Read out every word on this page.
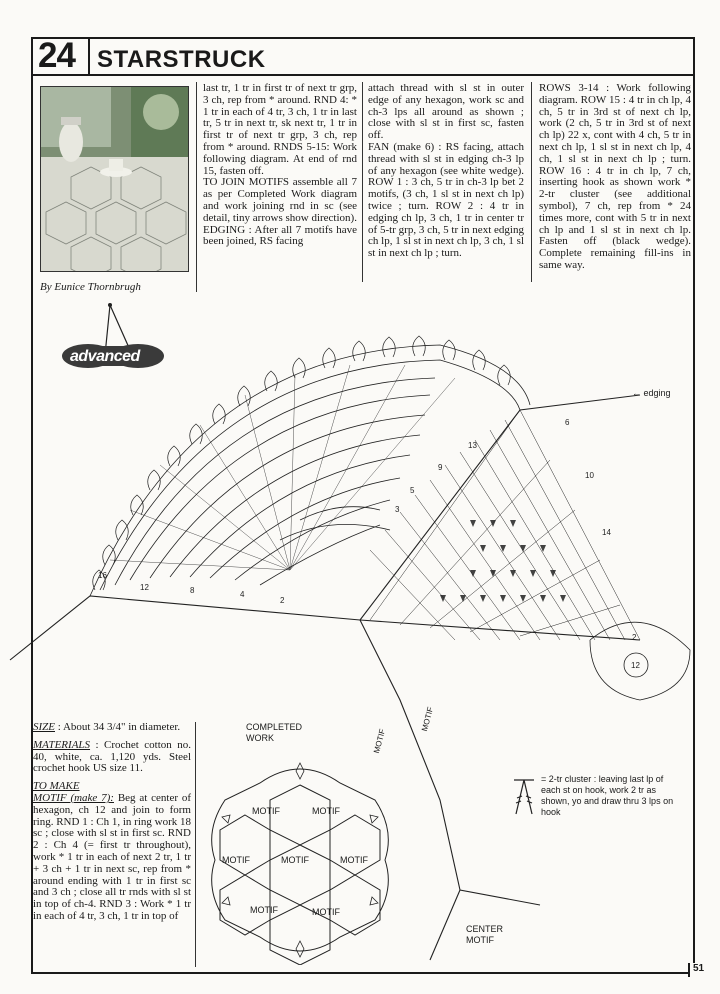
24 STARSTRUCK
By Eunice Thornbrugh

last tr, 1 tr in first tr of next tr grp, 3 ch, rep from * around. RND 4: * 1 tr in each of 4 tr, 3 ch, 1 tr in last tr, 5 tr in next tr, sk next tr, 1 tr in first tr of next tr grp, 3 ch, rep from * around. RNDS 5-15: Work following diagram. At end of rnd 15, fasten off.

TO JOIN MOTIFS assemble all 7 as per Completed Work diagram and work joining rnd in sc (see detail, tiny arrows show direction).

EDGING : After all 7 motifs have been joined, RS facing

attach thread with sl st in outer edge of any hexagon, work sc and ch-3 lps all around as shown ; close with sl st in first sc, fasten off.

FAN (make 6) : RS facing, attach thread with sl st in edging ch-3 lp of any hexagon (see white wedge). ROW 1 : 3 ch, 5 tr in ch-3 lp bet 2 motifs, (3 ch, 1 sl st in next ch lp) twice ; turn. ROW 2 : 4 tr in edging ch lp, 3 ch, 1 tr in center tr of 5-tr grp, 3 ch, 5 tr in next edging ch lp, 1 sl st in next ch lp, 3 ch, 1 sl st in next ch lp ; turn.

ROWS 3-14 : Work following diagram. ROW 15 : 4 tr in ch lp, 4 ch, 5 tr in 3rd st of next ch lp, work (2 ch, 5 tr in 3rd st of next ch lp) 22 x, cont with 4 ch, 5 tr in next ch lp, 1 sl st in next ch lp, 4 ch, 1 sl st in next ch lp ; turn. ROW 16 : 4 tr in ch lp, 7 ch, inserting hook as shown work * 2-tr cluster (see additional symbol), 7 ch, rep from * 24 times more, cont with 5 tr in next ch lp and 1 sl st in next ch lp. Fasten off (black wedge). Complete remaining fill-ins in same way.

advanced
16
12	8	4
2
13
9
5
3
6
10
14
12
2
← edging
MOTIF
MOTIF

SIZE : About 34 3/4" in diameter.

MATERIALS : Crochet cotton no. 40, white, ca. 1,120 yds. Steel crochet hook US size 11.

TO MAKE

MOTIF (make 7): Beg at center of hexagon, ch 12 and join to form ring. RND 1 : Ch 1, in ring work 18 sc ; close with sl st in first sc. RND 2 : Ch 4 (= first tr throughout), work * 1 tr in each of next 2 tr, 1 tr + 3 ch + 1 tr in next sc, rep from * around ending with 1 tr in first sc and 3 ch ; close all tr rnds with sl st in top of ch-4. RND 3 : Work * 1 tr in each of 4 tr, 3 ch, 1 tr in top of

COMPLETED
WORK
MOTIF	MOTIF
MOTIF	MOTIF	MOTIF
MOTIF	MOTIF
CENTER
MOTIF
= 2-tr cluster : leaving last lp of each st on hook, work 2 tr as shown, yo and draw thru 3 lps on hook
51
